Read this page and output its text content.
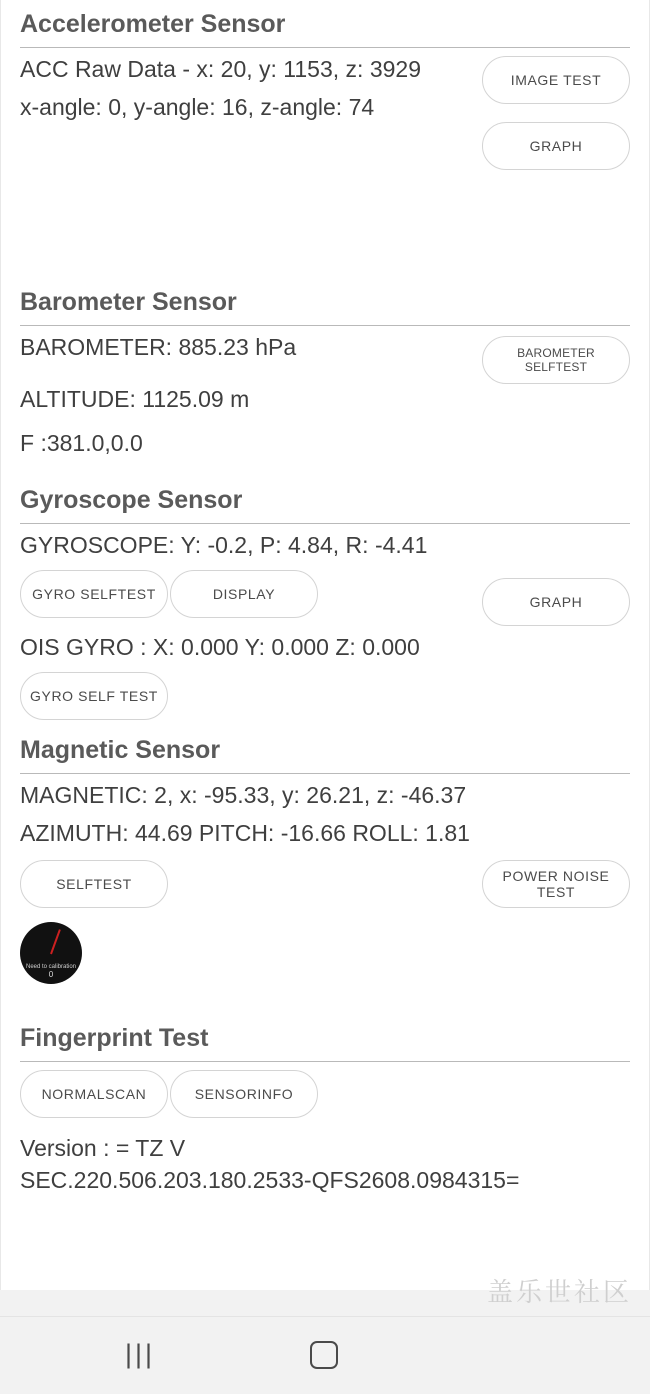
Accelerometer Sensor
ACC Raw Data - x: 20, y: 1153, z: 3929
x-angle: 0, y-angle: 16, z-angle: 74
IMAGE TEST
GRAPH
Barometer Sensor
BAROMETER: 885.23 hPa
ALTITUDE: 1125.09 m
F :381.0,0.0
BAROMETER SELFTEST
Gyroscope Sensor
GYROSCOPE: Y: -0.2, P: 4.84, R: -4.41
GYRO SELFTEST	DISPLAY	GRAPH
OIS GYRO : X: 0.000 Y: 0.000 Z: 0.000
GYRO SELF TEST
Magnetic Sensor
MAGNETIC: 2, x: -95.33, y: 26.21, z: -46.37
AZIMUTH: 44.69 PITCH: -16.66 ROLL: 1.81
SELFTEST	POWER NOISE TEST
Need to calibration
0
Fingerprint Test
NORMALSCAN	SENSORINFO
Version : = TZ V
SEC.220.506.203.180.2533-QFS2608.0984315=
盖乐世社区
|||
